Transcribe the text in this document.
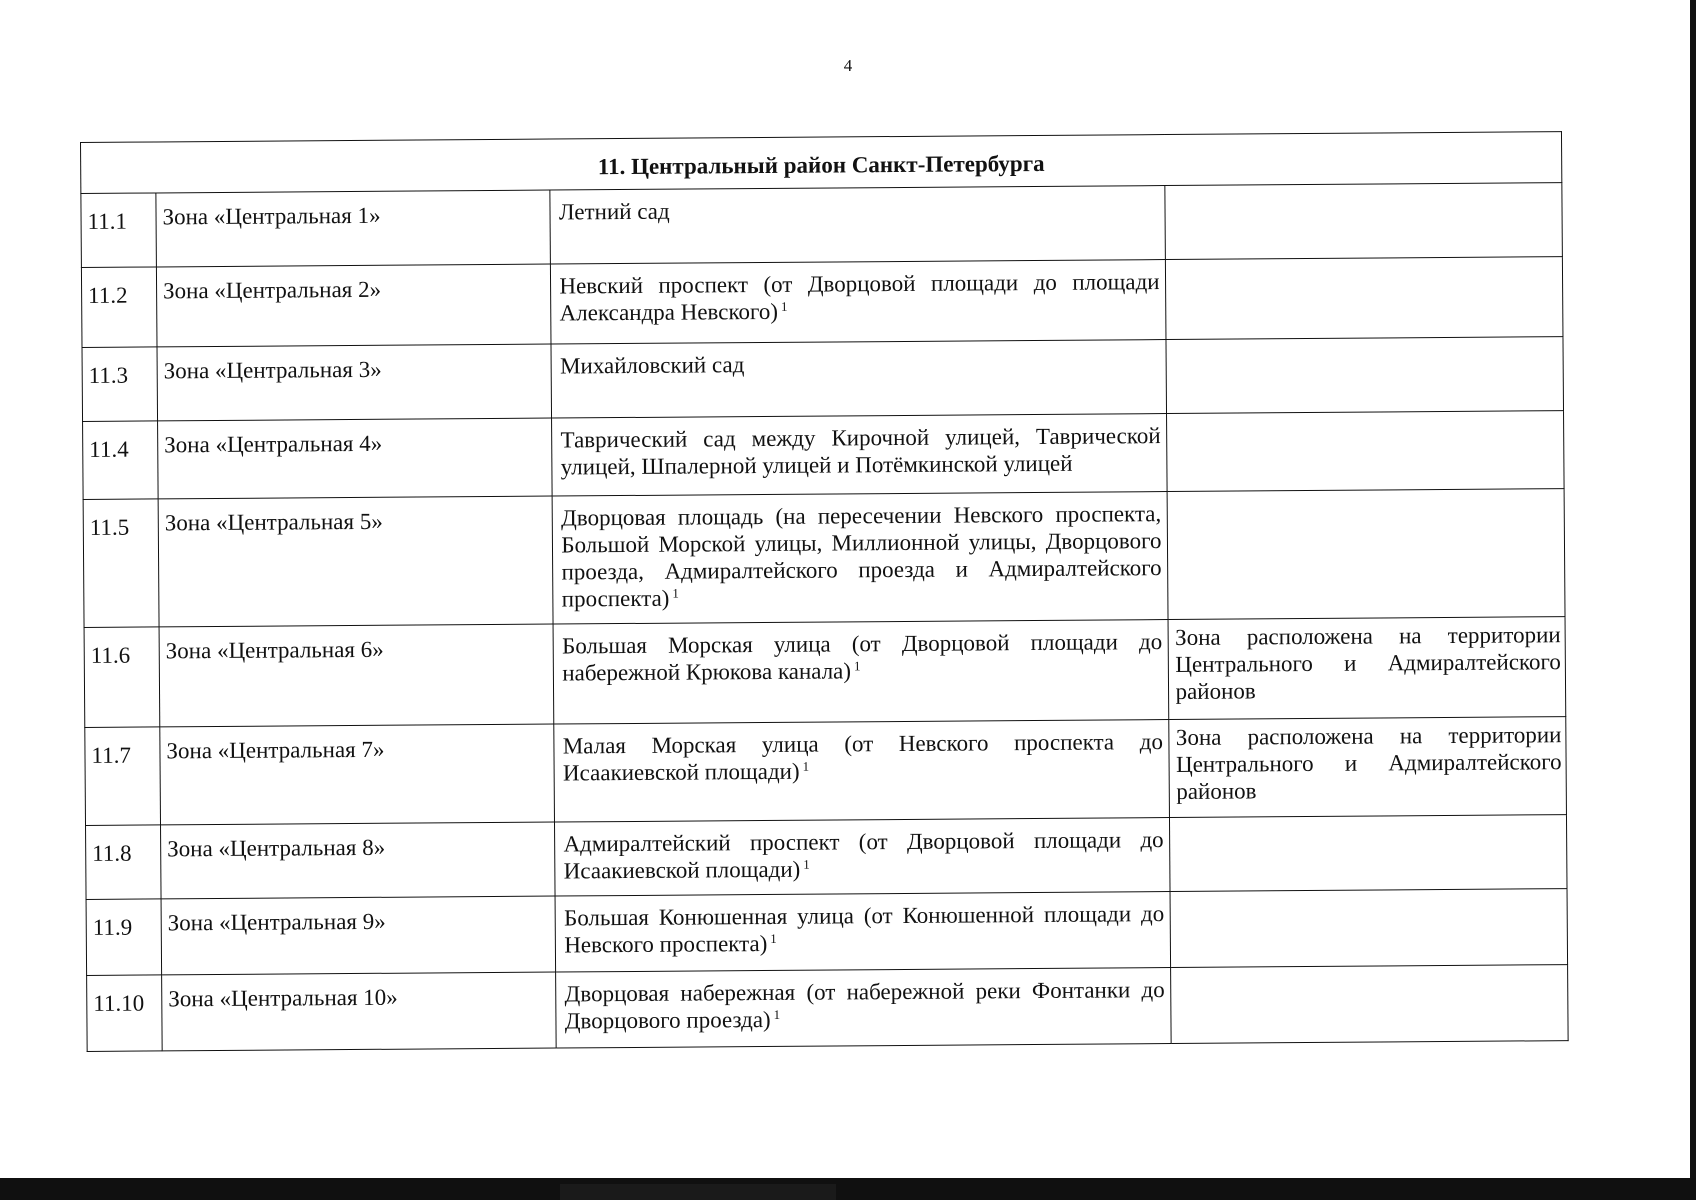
4
11. Центральный район Санкт-Петербурга			
11.1	Зона «Центральная 1»	Летний сад	
11.2	Зона «Центральная 2»	Невский проспект (от Дворцовой площади до площади Александра Невского) $^1$	
11.3	Зона «Центральная 3»	Михайловский сад	
11.4	Зона «Центральная 4»	Таврический сад между Кирочной улицей, Таврической улицей, Шпалерной улицей и Потёмкинской улицей	
11.5	Зона «Центральная 5»	Дворцовая площадь (на пересечении Невского проспекта, Большой Морской улицы, Миллионной улицы, Дворцового проезда, Адмиралтейского проезда и Адмиралтейского проспекта) $^1$	
11.6	Зона «Центральная 6»	Большая Морская улица (от Дворцовой площади до набережной Крюкова канала) $^1$	Зона расположена на территории Центрального и Адмиралтейского районов
11.7	Зона «Центральная 7»	Малая Морская улица (от Невского проспекта до Исаакиевской площади) $^1$	Зона расположена на территории Центрального и Адмиралтейского районов
11.8	Зона «Центральная 8»	Адмиралтейский проспект (от Дворцовой площади до Исаакиевской площади) $^1$	
11.9	Зона «Центральная 9»	Большая Конюшенная улица (от Конюшенной площади до Невского проспекта) $^1$	
11.10	Зона «Центральная 10»	Дворцовая набережная (от набережной реки Фонтанки до Дворцового проезда) $^1$	
